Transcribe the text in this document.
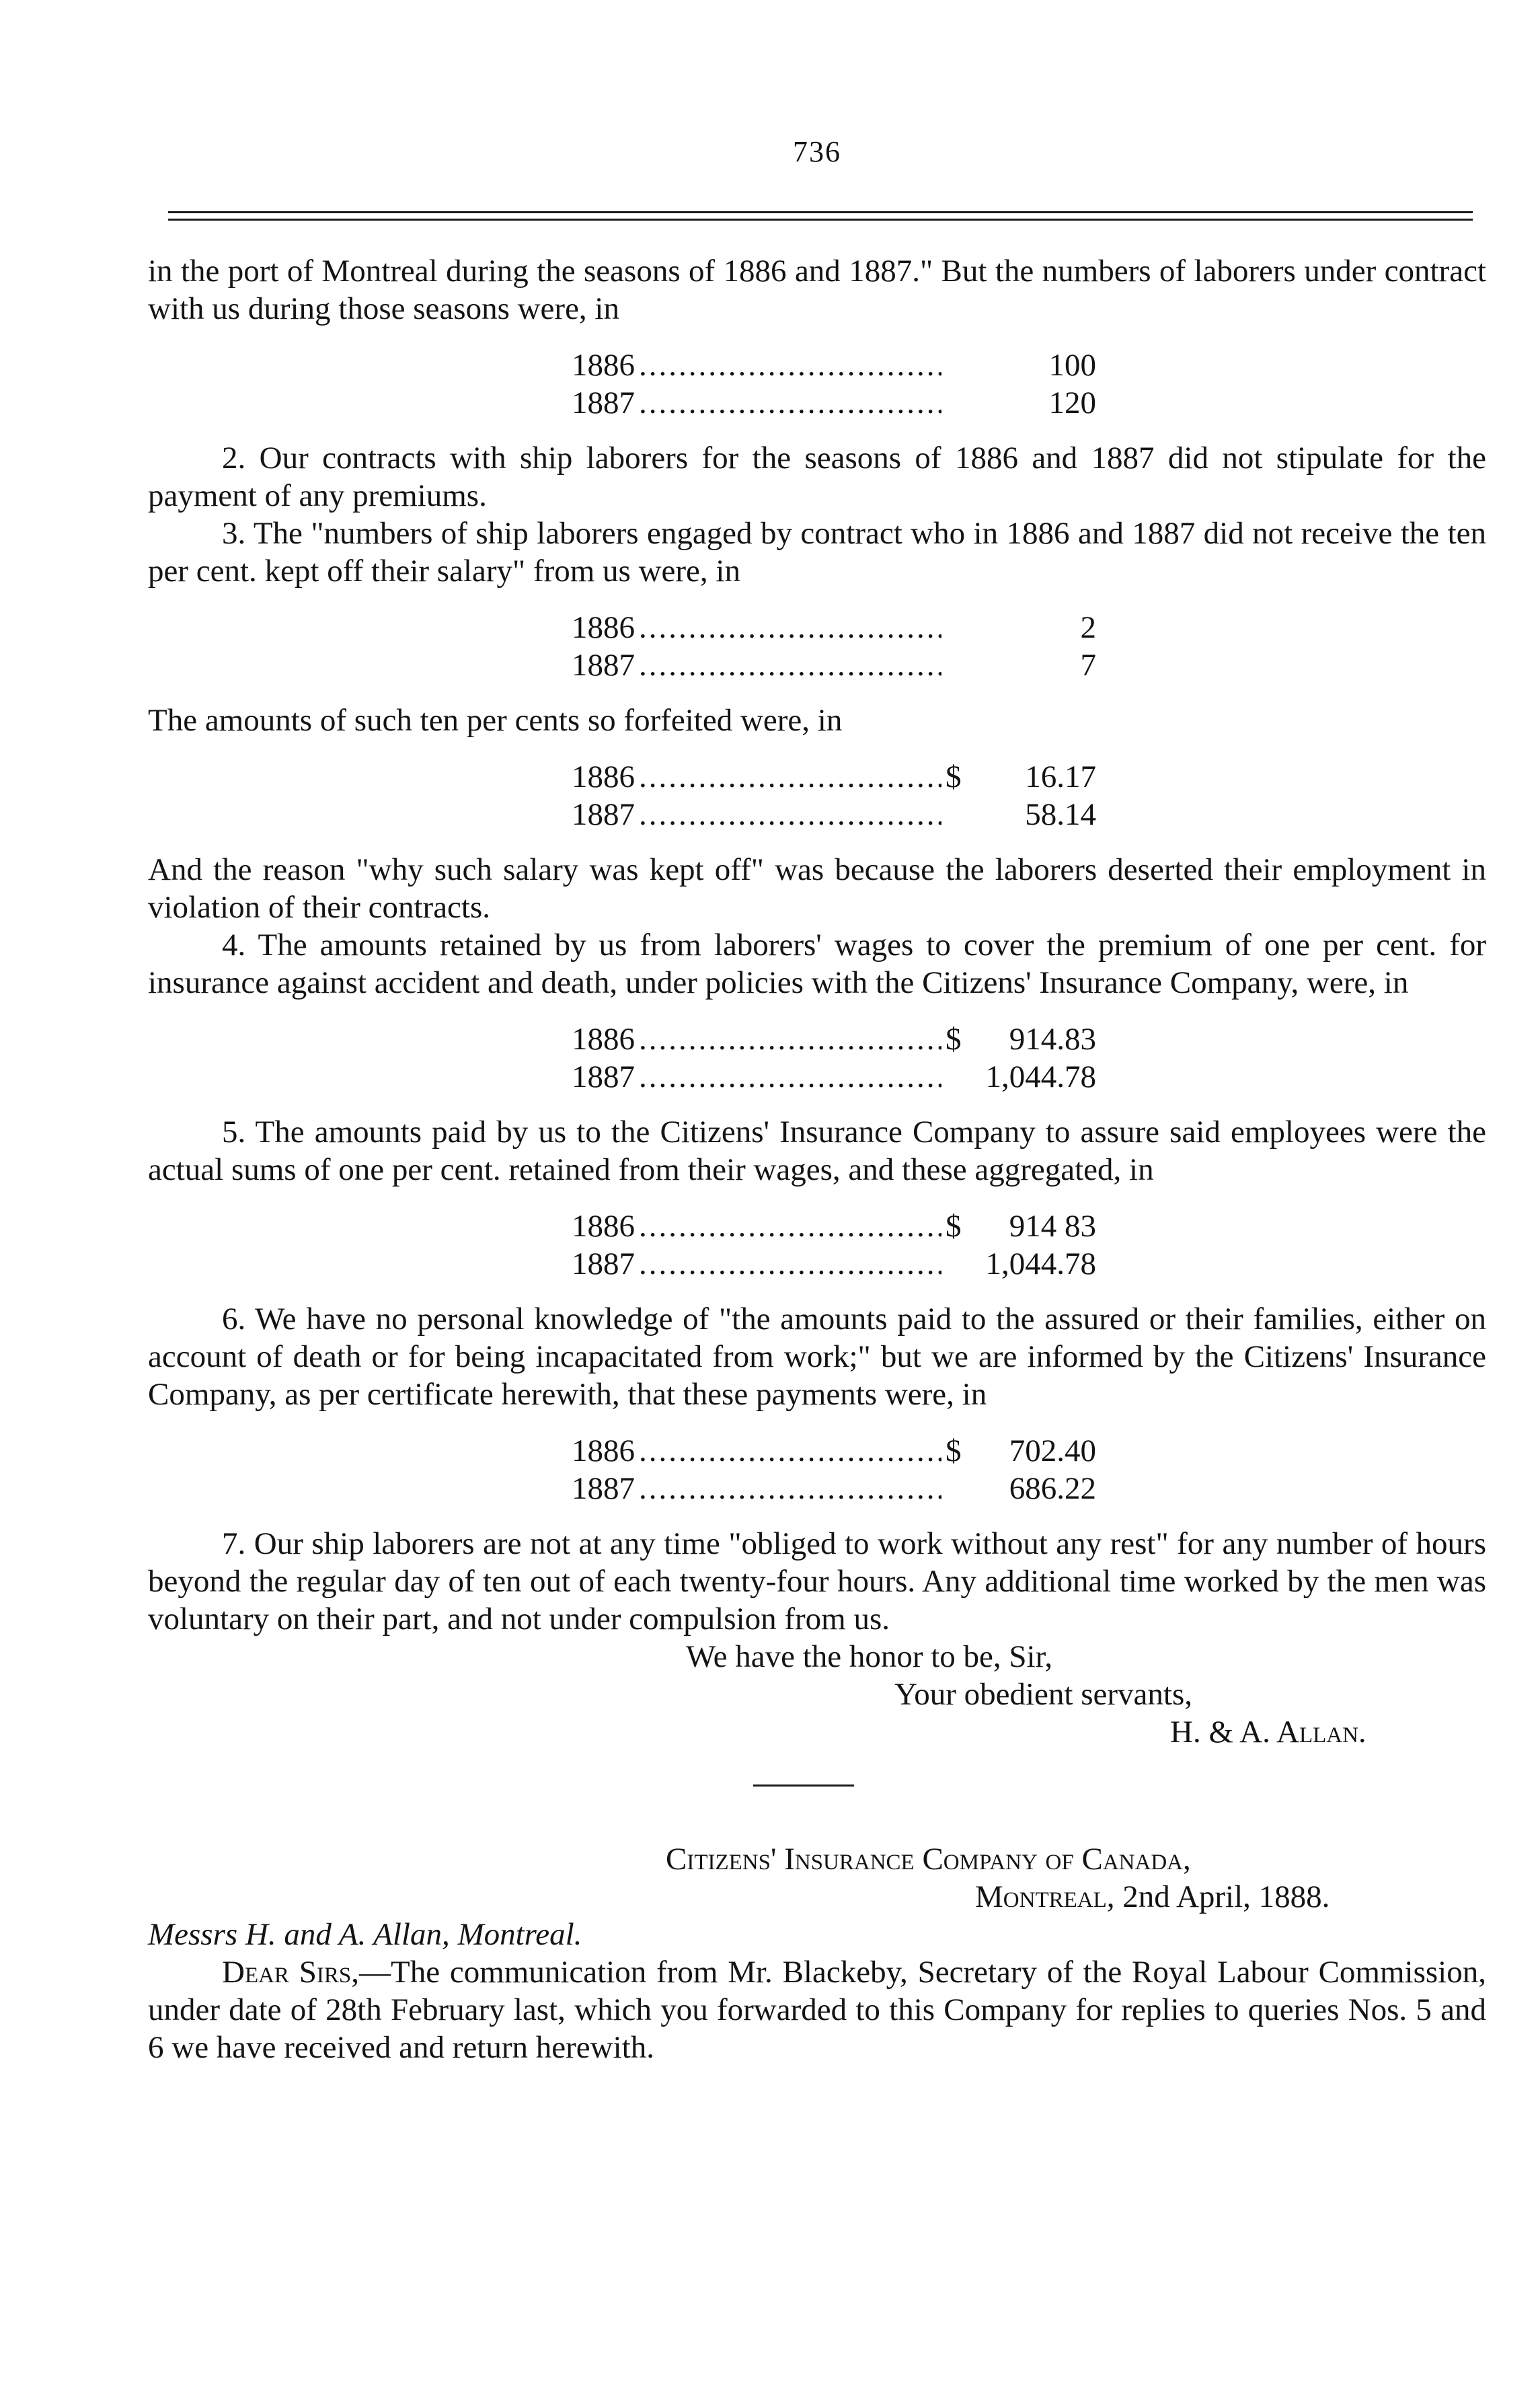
736

in the port of Montreal during the seasons of 1886 and 1887." But the numbers of laborers under contract with us during those seasons were, in

1886 .....	100
1887 .....	120

2. Our contracts with ship laborers for the seasons of 1886 and 1887 did not stipulate for the payment of any premiums.

3. The "numbers of ship laborers engaged by contract who in 1886 and 1887 did not receive the ten per cent. kept off their salary" from us were, in

1886 .....	2
1887 .....	7

The amounts of such ten per cents so forfeited were, in

1886 .....	$	16.17
1887 .....	58.14

And the reason "why such salary was kept off" was because the laborers deserted their employment in violation of their contracts.

4. The amounts retained by us from laborers' wages to cover the premium of one per cent. for insurance against accident and death, under policies with the Citizens' Insurance Company, were, in

1886 .....	$	914.83
1887 .....	1,044.78

5. The amounts paid by us to the Citizens' Insurance Company to assure said employees were the actual sums of one per cent. retained from their wages, and these aggregated, in

1886 .....	$	914 83
1887 .....	1,044.78

6. We have no personal knowledge of "the amounts paid to the assured or their families, either on account of death or for being incapacitated from work;" but we are informed by the Citizens' Insurance Company, as per certificate herewith, that these payments were, in

1886 .....	$	702.40
1887 .....	686.22

7. Our ship laborers are not at any time "obliged to work without any rest" for any number of hours beyond the regular day of ten out of each twenty-four hours. Any additional time worked by the men was voluntary on their part, and not under compulsion from us.

We have the honor to be, Sir,

Your obedient servants,

H. & A. Allan.

Citizens' Insurance Company of Canada,

Montreal, 2nd April, 1888.

Messrs H. and A. Allan, Montreal.

Dear Sirs,—The communication from Mr. Blackeby, Secretary of the Royal Labour Commission, under date of 28th February last, which you forwarded to this Company for replies to queries Nos. 5 and 6 we have received and return herewith.
